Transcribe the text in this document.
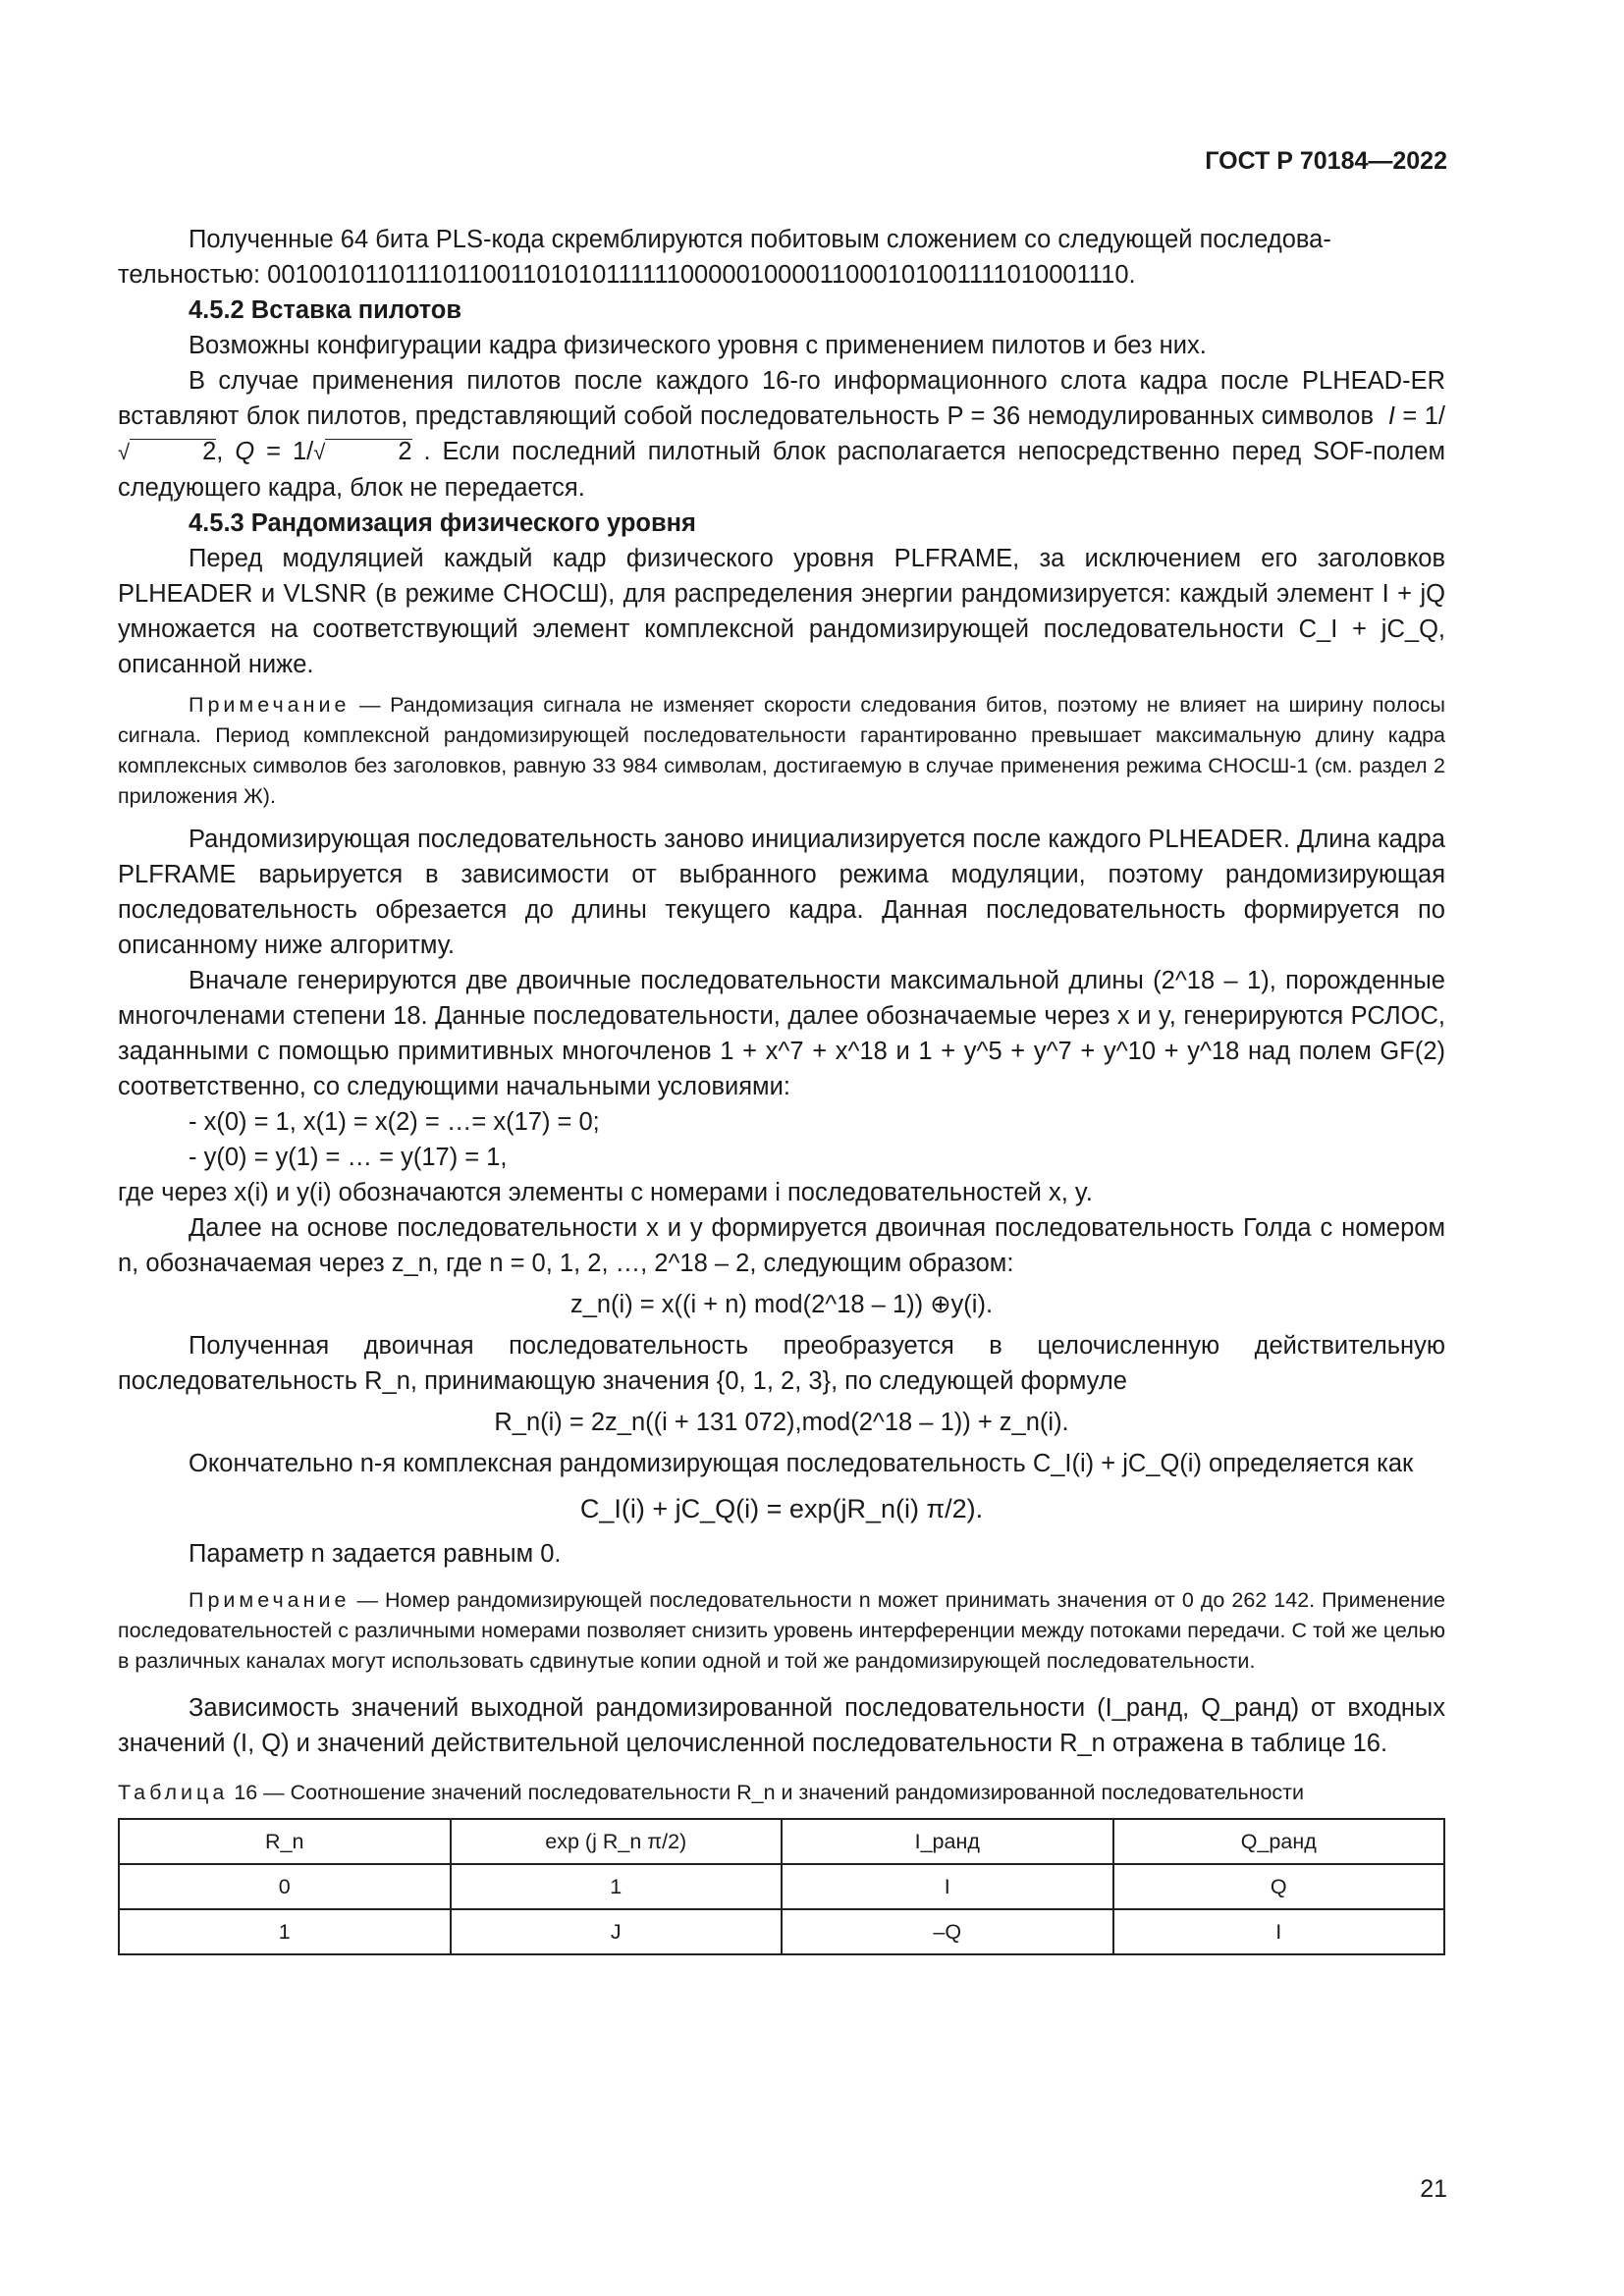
ГОСТ Р 70184—2022

Полученные 64 бита PLS-кода скремблируются побитовым сложением со следующей последова-

тельностью: 0010010110111011001101010111111000001000011000101001111010001110.

4.5.2 Вставка пилотов

Возможны конфигурации кадра физического уровня с применением пилотов и без них.

В случае применения пилотов после каждого 16-го информационного слота кадра после PLHEAD-ER вставляют блок пилотов, представляющий собой последовательность P = 36 немодулированных символов I = 1/√	2, Q = 1/√	2 . Если последний пилотный блок располагается непосредственно перед SOF-полем следующего кадра, блок не передается.

4.5.3 Рандомизация физического уровня

Перед модуляцией каждый кадр физического уровня PLFRAME, за исключением его заголовков PLHEADER и VLSNR (в режиме СНОСШ), для распределения энергии рандомизируется: каждый элемент I + jQ умножается на соответствующий элемент комплексной рандомизирующей последовательности C_I + jC_Q, описанной ниже.

Примечание — Рандомизация сигнала не изменяет скорости следования битов, поэтому не влияет на ширину полосы сигнала. Период комплексной рандомизирующей последовательности гарантированно превышает максимальную длину кадра комплексных символов без заголовков, равную 33 984 символам, достигаемую в случае применения режима СНОСШ-1 (см. раздел 2 приложения Ж).

Рандомизирующая последовательность заново инициализируется после каждого PLHEADER. Длина кадра PLFRAME варьируется в зависимости от выбранного режима модуляции, поэтому рандомизирующая последовательность обрезается до длины текущего кадра. Данная последовательность формируется по описанному ниже алгоритму.

Вначале генерируются две двоичные последовательности максимальной длины (2^18 – 1), порожденные многочленами степени 18. Данные последовательности, далее обозначаемые через x и y, генерируются РСЛОС, заданными с помощью примитивных многочленов 1 + x^7 + x^18 и 1 + y^5 + y^7 + y^10 + y^18 над полем GF(2) соответственно, со следующими начальными условиями:

- x(0) = 1, x(1) = x(2) = …= x(17) = 0;

- y(0) = y(1) = … = y(17) = 1,

где через x(i) и y(i) обозначаются элементы с номерами i последовательностей x, y.

Далее на основе последовательности x и y формируется двоичная последовательность Голда с номером n, обозначаемая через z_n, где n = 0, 1, 2, …, 2^18 – 2, следующим образом:

z_n(i) = x((i + n) mod(2^18 – 1)) ⊕y(i).

Полученная двоичная последовательность преобразуется в целочисленную действительную последовательность R_n, принимающую значения {0, 1, 2, 3}, по следующей формуле

R_n(i) = 2z_n((i + 131 072),mod(2^18 – 1)) + z_n(i).

Окончательно n-я комплексная рандомизирующая последовательность C_I(i) + jC_Q(i) определяется как

C_I(i) + jC_Q(i) = exp(jR_n(i) π/2).

Параметр n задается равным 0.

Примечание — Номер рандомизирующей последовательности n может принимать значения от 0 до 262 142. Применение последовательностей с различными номерами позволяет снизить уровень интерференции между потоками передачи. С той же целью в различных каналах могут использовать сдвинутые копии одной и той же рандомизирующей последовательности.

Зависимость значений выходной рандомизированной последовательности (I_ранд, Q_ранд) от входных значений (I, Q) и значений действительной целочисленной последовательности R_n отражена в таблице 16.

Таблица 16 — Соотношение значений последовательности R_n и значений рандомизированной последовательности

R_n	exp (j R_n π/2)	I_ранд	Q_ранд
0	1	I	Q
1	J	–Q	I
21
